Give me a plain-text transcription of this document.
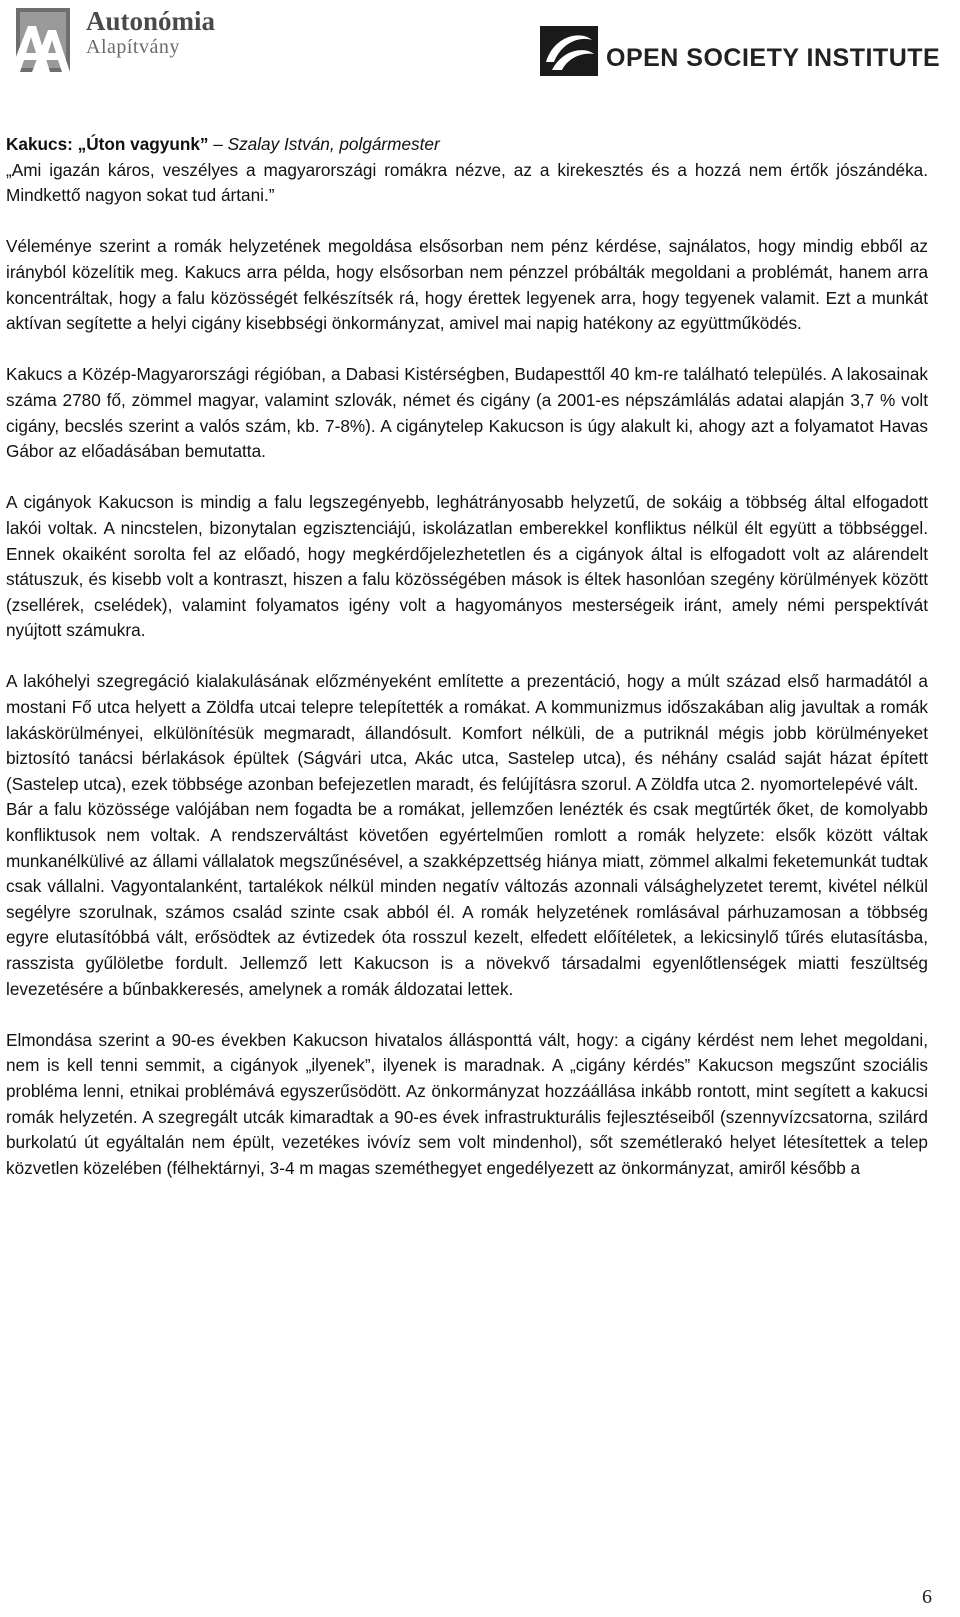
Autonómia
Alapítvány	OPEN SOCIETY INSTITUTE

Kakucs: „Úton vagyunk” – Szalay István, polgármester

„Ami igazán káros, veszélyes a magyarországi romákra nézve, az a kirekesztés és a hozzá nem értők jószándéka. Mindkettő nagyon sokat tud ártani.”

Véleménye szerint a romák helyzetének megoldása elsősorban nem pénz kérdése, sajnálatos, hogy mindig ebből az irányból közelítik meg. Kakucs arra példa, hogy elsősorban nem pénzzel próbálták megoldani a problémát, hanem arra koncentráltak, hogy a falu közösségét felkészítsék rá, hogy érettek legyenek arra, hogy tegyenek valamit. Ezt a munkát aktívan segítette a helyi cigány kisebbségi önkormányzat, amivel mai napig hatékony az együttműködés.

Kakucs a Közép-Magyarországi régióban, a Dabasi Kistérségben, Budapesttől 40 km-re található település. A lakosainak száma 2780 fő, zömmel magyar, valamint szlovák, német és cigány (a 2001-es népszámlálás adatai alapján 3,7 % volt cigány, becslés szerint a valós szám, kb. 7-8%). A cigánytelep Kakucson is úgy alakult ki, ahogy azt a folyamatot Havas Gábor az előadásában bemutatta.

A cigányok Kakucson is mindig a falu legszegényebb, leghátrányosabb helyzetű, de sokáig a többség által elfogadott lakói voltak. A nincstelen, bizonytalan egzisztenciájú, iskolázatlan emberekkel konfliktus nélkül élt együtt a többséggel. Ennek okaiként sorolta fel az előadó, hogy megkérdőjelezhetetlen és a cigányok által is elfogadott volt az alárendelt státuszuk, és kisebb volt a kontraszt, hiszen a falu közösségében mások is éltek hasonlóan szegény körülmények között (zsellérek, cselédek), valamint folyamatos igény volt a hagyományos mesterségeik iránt, amely némi perspektívát nyújtott számukra.

A lakóhelyi szegregáció kialakulásának előzményeként említette a prezentáció, hogy a múlt század első harmadától a mostani Fő utca helyett a Zöldfa utcai telepre telepítették a romákat. A kommunizmus időszakában alig javultak a romák lakáskörülményei, elkülönítésük megmaradt, állandósult. Komfort nélküli, de a putriknál mégis jobb körülményeket biztosító tanácsi bérlakások épültek (Ságvári utca, Akác utca, Sastelep utca), és néhány család saját házat épített (Sastelep utca), ezek többsége azonban befejezetlen maradt, és felújításra szorul. A Zöldfa utca 2. nyomortelepévé vált.

Bár a falu közössége valójában nem fogadta be a romákat, jellemzően lenézték és csak megtűrték őket, de komolyabb konfliktusok nem voltak. A rendszerváltást követően egyértelműen romlott a romák helyzete: elsők között váltak munkanélkülivé az állami vállalatok megszűnésével, a szakképzettség hiánya miatt, zömmel alkalmi feketemunkát tudtak csak vállalni. Vagyontalanként, tartalékok nélkül minden negatív változás azonnali válsághelyzetet teremt, kivétel nélkül segélyre szorulnak, számos család szinte csak abból él. A romák helyzetének romlásával párhuzamosan a többség egyre elutasítóbbá vált, erősödtek az évtizedek óta rosszul kezelt, elfedett előítéletek, a lekicsinylő tűrés elutasításba, rasszista gyűlöletbe fordult. Jellemző lett Kakucson is a növekvő társadalmi egyenlőtlenségek miatti feszültség levezetésére a bűnbakkeresés, amelynek a romák áldozatai lettek.

Elmondása szerint a 90-es években Kakucson hivatalos állásponttá vált, hogy: a cigány kérdést nem lehet megoldani, nem is kell tenni semmit, a cigányok „ilyenek”, ilyenek is maradnak. A „cigány kérdés” Kakucson megszűnt szociális probléma lenni, etnikai problémává egyszerűsödött. Az önkormányzat hozzáállása inkább rontott, mint segített a kakucsi romák helyzetén. A szegregált utcák kimaradtak a 90-es évek infrastrukturális fejlesztéseiből (szennyvízcsatorna, szilárd burkolatú út egyáltalán nem épült, vezetékes ivóvíz sem volt mindenhol), sőt szemétlerakó helyet létesítettek a telep közvetlen közelében (félhektárnyi, 3-4 m magas szeméthegyet engedélyezett az önkormányzat, amiről később a

6
